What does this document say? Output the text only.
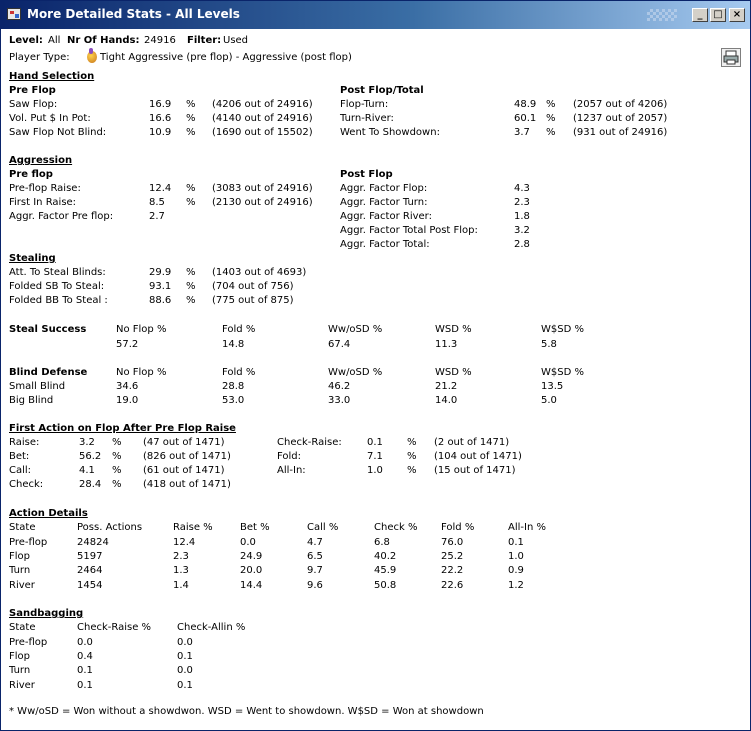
More Detailed Stats - All Levels	_	□	×
Level: All Nr Of Hands: 24916 Filter: Used
Player Type:	Tight Aggressive (pre flop) - Aggressive (post flop)
Hand Selection
Pre Flop	Post Flop/Total
Saw Flop:	16.9 % (4206 out of 24916)
Vol. Put $ In Pot:	16.6 % (4140 out of 24916)
Saw Flop Not Blind:	10.9 % (1690 out of 15502)
Flop-Turn:	48.9 % (2057 out of 4206)
Turn-River:	60.1 % (1237 out of 2057)
Went To Showdown:	3.7 % (931 out of 24916)
Aggression
Pre flop	Post Flop
Pre-flop Raise:	12.4 % (3083 out of 24916)
First In Raise:	8.5 % (2130 out of 24916)
Aggr. Factor Pre flop:	2.7
Aggr. Factor Flop:	4.3
Aggr. Factor Turn:	2.3
Aggr. Factor River:	1.8
Aggr. Factor Total Post Flop:	3.2
Aggr. Factor Total:	2.8
Stealing
Att. To Steal Blinds:	29.9 % (1403 out of 4693)
Folded SB To Steal:	93.1 % (704 out of 756)
Folded BB To Steal :	88.6 % (775 out of 875)
Steal Success	No Flop %	Fold %	Ww/oSD %	WSD %	W$SD %
57.2	14.8	67.4	11.3	5.8
Blind Defense	No Flop %	Fold %	Ww/oSD %	WSD %	W$SD %
Small Blind	34.6	28.8	46.2	21.2	13.5
Big Blind	19.0	53.0	33.0	14.0	5.0
First Action on Flop After Pre Flop Raise
Raise:	3.2 % (47 out of 1471)
Bet:	56.2 % (826 out of 1471)
Call:	4.1 % (61 out of 1471)
Check:	28.4 % (418 out of 1471)
Check-Raise:	0.1 % (2 out of 1471)
Fold:	7.1 % (104 out of 1471)
All-In:	1.0 % (15 out of 1471)
Action Details
State	Poss. Actions	Raise %	Bet %	Call %	Check % Fold %	All-In %
Pre-flop	24824	12.4	0.0	4.7	6.8	76.0	0.1
Flop	5197	2.3	24.9	6.5	40.2	25.2	1.0
Turn	2464	1.3	20.0	9.7	45.9	22.2	0.9
River	1454	1.4	14.4	9.6	50.8	22.6	1.2
Sandbagging
State	Check-Raise %	Check-Allin %
Pre-flop	0.0	0.0
Flop	0.4	0.1
Turn	0.1	0.0
River	0.1	0.1
* Ww/oSD = Won without a showdwon. WSD = Went to showdown. W$SD = Won at showdown
